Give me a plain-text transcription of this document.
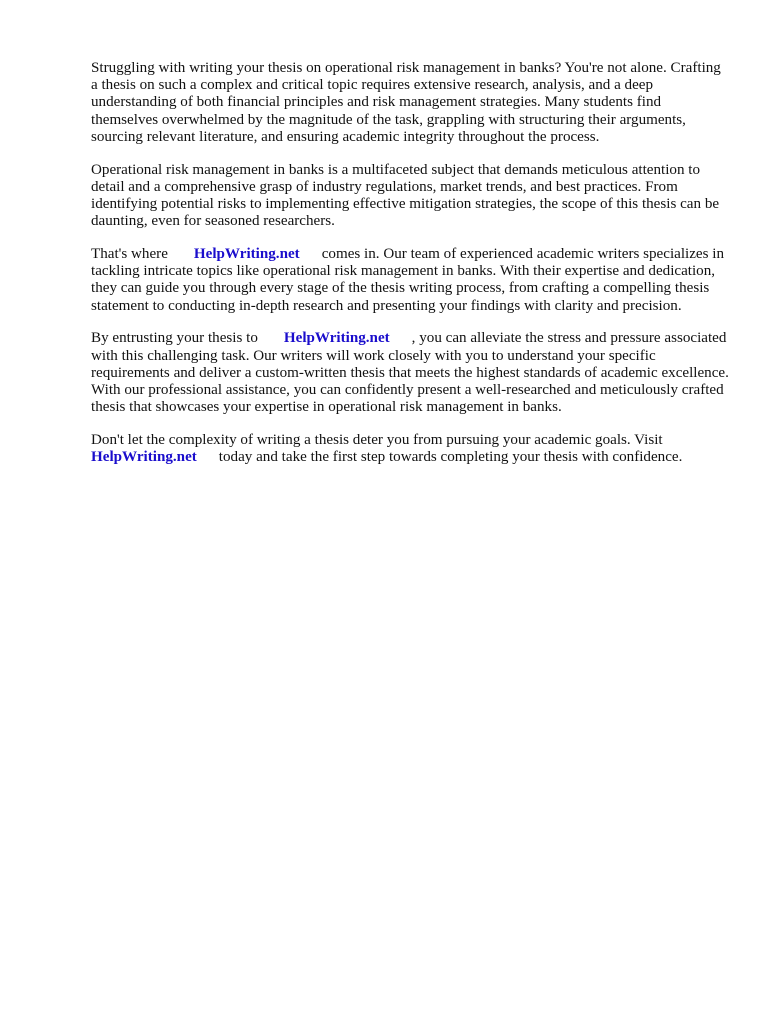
Struggling with writing your thesis on operational risk management in banks? You're not alone. Crafting a thesis on such a complex and critical topic requires extensive research, analysis, and a deep understanding of both financial principles and risk management strategies. Many students find themselves overwhelmed by the magnitude of the task, grappling with structuring their arguments, sourcing relevant literature, and ensuring academic integrity throughout the process.

Operational risk management in banks is a multifaceted subject that demands meticulous attention to detail and a comprehensive grasp of industry regulations, market trends, and best practices. From identifying potential risks to implementing effective mitigation strategies, the scope of this thesis can be daunting, even for seasoned researchers.

That's where HelpWriting.net comes in. Our team of experienced academic writers specializes in tackling intricate topics like operational risk management in banks. With their expertise and dedication, they can guide you through every stage of the thesis writing process, from crafting a compelling thesis statement to conducting in-depth research and presenting your findings with clarity and precision.

By entrusting your thesis to HelpWriting.net , you can alleviate the stress and pressure associated with this challenging task. Our writers will work closely with you to understand your specific requirements and deliver a custom-written thesis that meets the highest standards of academic excellence. With our professional assistance, you can confidently present a well-researched and meticulously crafted thesis that showcases your expertise in operational risk management in banks.

Don't let the complexity of writing a thesis deter you from pursuing your academic goals. Visit HelpWriting.net today and take the first step towards completing your thesis with confidence.
